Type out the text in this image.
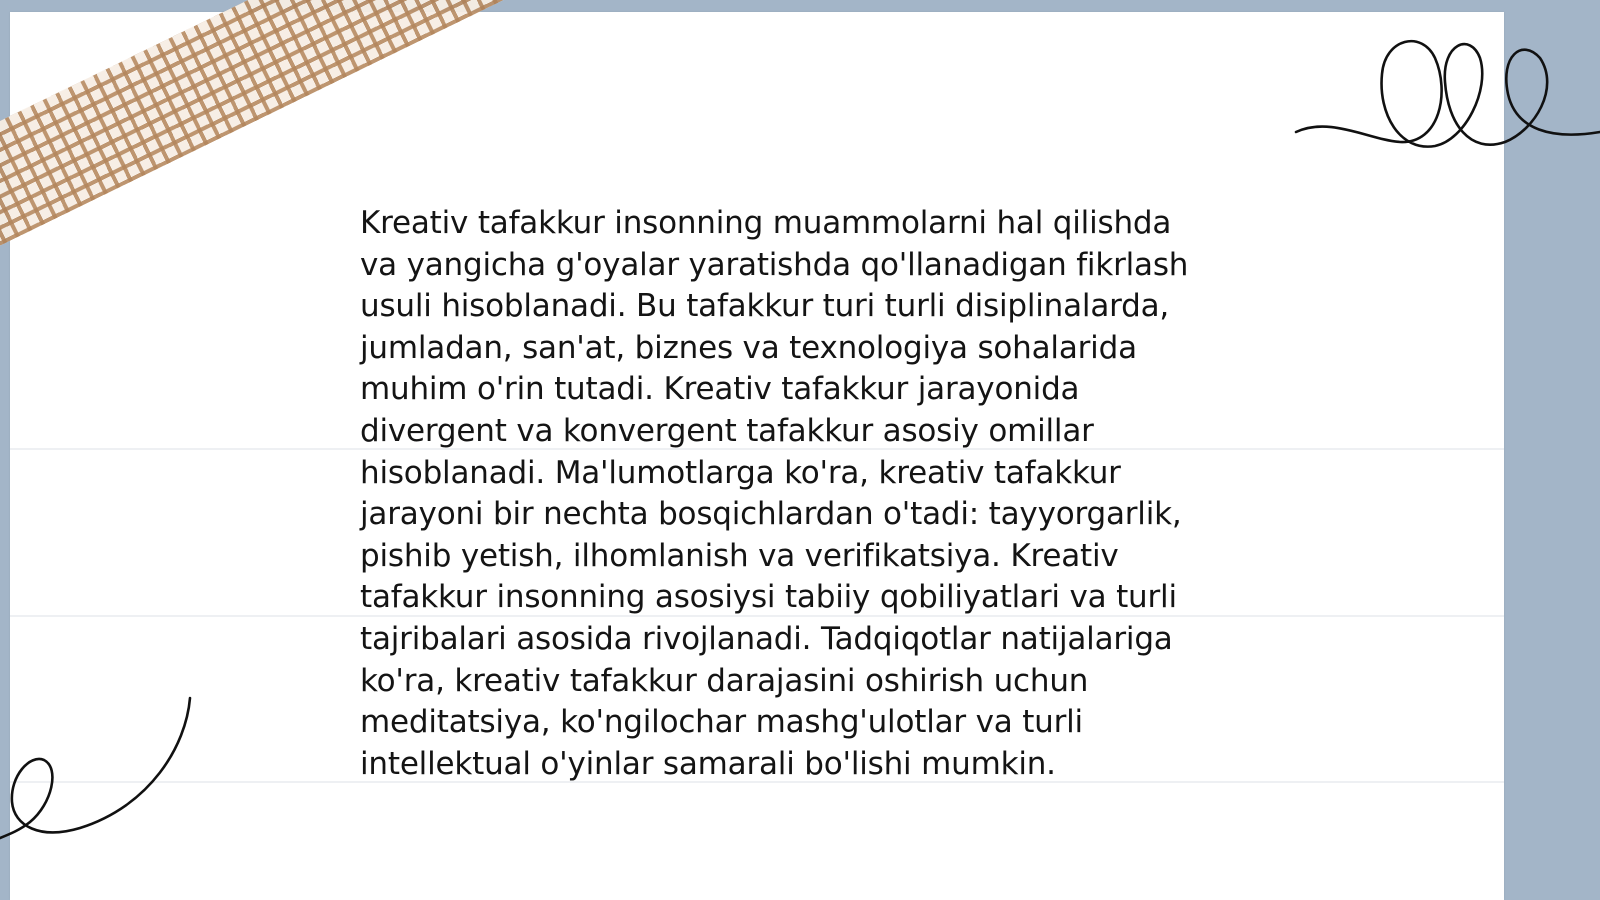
Kreativ tafakkur insonning muammolarni hal qilishda
va yangicha g'oyalar yaratishda qo'llanadigan fikrlash
usuli hisoblanadi. Bu tafakkur turi turli disiplinalarda,
jumladan, san'at, biznes va texnologiya sohalarida
muhim o'rin tutadi. Kreativ tafakkur jarayonida
divergent va konvergent tafakkur asosiy omillar
hisoblanadi. Ma'lumotlarga ko'ra, kreativ tafakkur
jarayoni bir nechta bosqichlardan o'tadi: tayyorgarlik,
pishib yetish, ilhomlanish va verifikatsiya. Kreativ
tafakkur insonning asosiysi tabiiy qobiliyatlari va turli
tajribalari asosida rivojlanadi. Tadqiqotlar natijalariga
ko'ra, kreativ tafakkur darajasini oshirish uchun
meditatsiya, ko'ngilochar mashg'ulotlar va turli
intellektual o'yinlar samarali bo'lishi mumkin.
